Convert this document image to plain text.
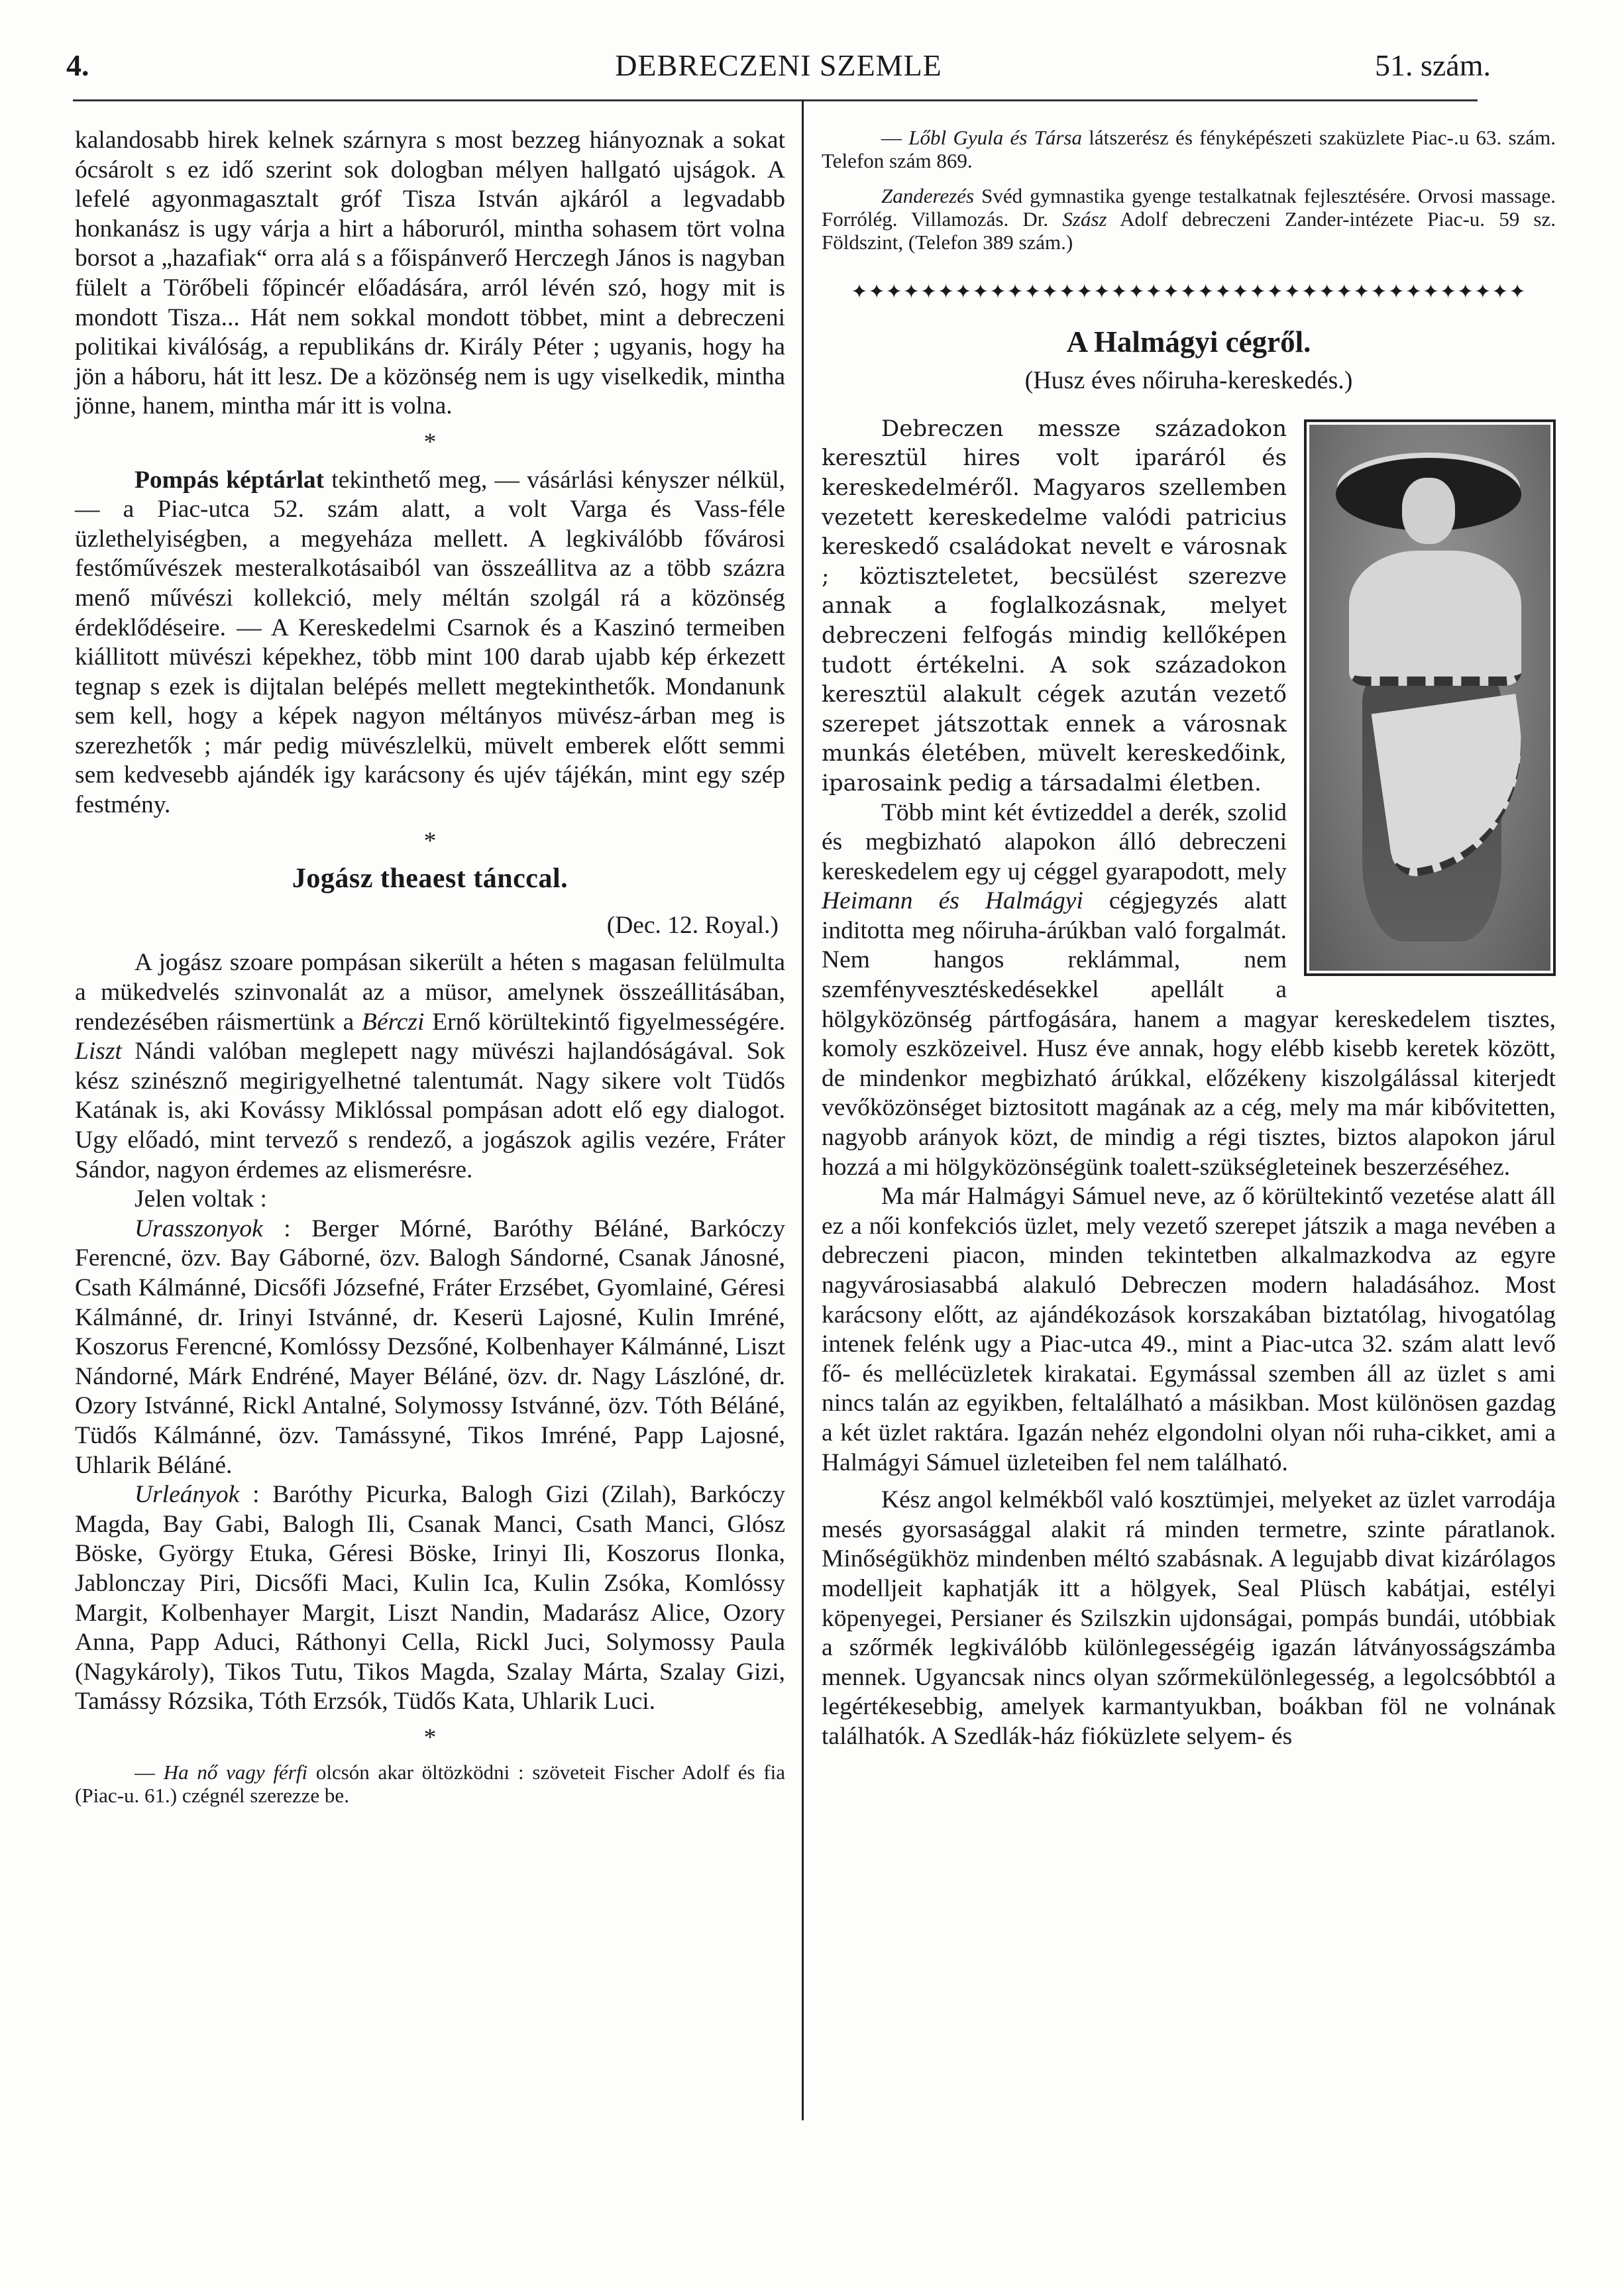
4.	DEBRECZENI SZEMLE	51. szám.

kalandosabb hirek kelnek szárnyra s most bezzeg hiányoznak a sokat ócsárolt s ez idő szerint sok dologban mélyen hallgató ujságok. A lefelé agyonmagasztalt gróf Tisza István ajkáról a legvadabb honkanász is ugy várja a hirt a háboruról, mintha sohasem tört volna borsot a „hazafiak“ orra alá s a főispánverő Herczegh János is nagyban fülelt a Törőbeli főpincér előadására, arról lévén szó, hogy mit is mondott Tisza... Hát nem sokkal mondott többet, mint a debreczeni politikai kiválóság, a republikáns dr. Király Péter ; ugyanis, hogy ha jön a háboru, hát itt lesz. De a közönség nem is ugy viselkedik, mintha jönne, hanem, mintha már itt is volna.

*

Pompás képtárlat tekinthető meg, — vásárlási kényszer nélkül, — a Piac-utca 52. szám alatt, a volt Varga és Vass-féle üzlethelyiségben, a megyeháza mellett. A legkiválóbb fővárosi festőművészek mesteralkotásaiból van összeállitva az a több százra menő művészi kollekció, mely méltán szolgál rá a közönség érdeklődéseire. — A Kereskedelmi Csarnok és a Kaszinó termeiben kiállitott müvészi képekhez, több mint 100 darab ujabb kép érkezett tegnap s ezek is dijtalan belépés mellett megtekinthetők. Mondanunk sem kell, hogy a képek nagyon méltányos müvész-árban meg is szerezhetők ; már pedig müvészlelkü, müvelt emberek előtt semmi sem kedvesebb ajándék igy karácsony és ujév tájékán, mint egy szép festmény.

*

Jogász theaest tánccal.

(Dec. 12. Royal.)

A jogász szoare pompásan sikerült a héten s magasan felülmulta a mükedvelés szinvonalát az a müsor, amelynek összeállitásában, rendezésében ráismertünk a Bérczi Ernő körültekintő figyelmességére. Liszt Nándi valóban meglepett nagy müvészi hajlandóságával. Sok kész szinésznő megirigyelhetné talentumát. Nagy sikere volt Tüdős Katának is, aki Kovássy Miklóssal pompásan adott elő egy dialogot. Ugy előadó, mint tervező s rendező, a jogászok agilis vezére, Fráter Sándor, nagyon érdemes az elismerésre.

Jelen voltak :

Urasszonyok : Berger Mórné, Baróthy Béláné, Barkóczy Ferencné, özv. Bay Gáborné, özv. Balogh Sándorné, Csanak Jánosné, Csath Kálmánné, Dicsőfi Józsefné, Fráter Erzsébet, Gyomlainé, Géresi Kálmánné, dr. Irinyi Istvánné, dr. Keserü Lajosné, Kulin Imréné, Koszorus Ferencné, Komlóssy Dezsőné, Kolbenhayer Kálmánné, Liszt Nándorné, Márk Endréné, Mayer Béláné, özv. dr. Nagy Lászlóné, dr. Ozory Istvánné, Rickl Antalné, Solymossy Istvánné, özv. Tóth Béláné, Tüdős Kálmánné, özv. Tamássyné, Tikos Imréné, Papp Lajosné, Uhlarik Béláné.

Urleányok : Baróthy Picurka, Balogh Gizi (Zilah), Barkóczy Magda, Bay Gabi, Balogh Ili, Csanak Manci, Csath Manci, Glósz Böske, György Etuka, Géresi Böske, Irinyi Ili, Koszorus Ilonka, Jablonczay Piri, Dicsőfi Maci, Kulin Ica, Kulin Zsóka, Komlóssy Margit, Kolbenhayer Margit, Liszt Nandin, Madarász Alice, Ozory Anna, Papp Aduci, Ráthonyi Cella, Rickl Juci, Solymossy Paula (Nagykároly), Tikos Tutu, Tikos Magda, Szalay Márta, Szalay Gizi, Tamássy Rózsika, Tóth Erzsók, Tüdős Kata, Uhlarik Luci.

*

— Ha nő vagy férfi olcsón akar öltözködni : szöveteit Fischer Adolf és fia (Piac-u. 61.) czégnél szerezze be.

— Lőbl Gyula és Társa látszerész és fényképészeti szaküzlete Piac-.u 63. szám. Telefon szám 869.

Zanderezés Svéd gymnastika gyenge testalkatnak fejlesztésére. Orvosi massage. Forrólég. Villamozás. Dr. Szász Adolf debreczeni Zander-intézete Piac-u. 59 sz. Földszint, (Telefon 389 szám.)

✦✦✦✦✦✦✦✦✦✦✦✦✦✦✦✦✦✦✦✦✦✦✦✦✦✦✦✦✦✦✦✦✦✦✦✦✦✦✦

A Halmágyi cégről.

(Husz éves nőiruha-kereskedés.)

Debreczen messze századokon keresztül hires volt iparáról és kereskedelméről. Magyaros szellemben vezetett kereskedelme valódi patricius kereskedő családokat nevelt e városnak ; köztiszteletet, becsülést szerezve annak a foglalkozásnak, melyet debreczeni felfogás mindig kellőképen tudott értékelni. A sok századokon keresztül alakult cégek azután vezető szerepet játszottak ennek a városnak munkás életében, müvelt kereskedőink, iparosaink pedig a társadalmi életben.

Több mint két évtizeddel a derék, szolid és megbizható alapokon álló debreczeni kereskedelem egy uj céggel gyarapodott, mely Heimann és Halmágyi cégjegyzés alatt inditotta meg nőiruha-árúkban való forgalmát. Nem hangos reklámmal, nem szemfényvesztéskedésekkel apellált a hölgyközönség pártfogására, hanem a magyar kereskedelem tisztes, komoly eszközeivel. Husz éve annak, hogy elébb kisebb keretek között, de mindenkor megbizható árúkkal, előzékeny kiszolgálással kiterjedt vevőközönséget biztositott magának az a cég, mely ma már kibővitetten, nagyobb arányok közt, de mindig a régi tisztes, biztos alapokon járul hozzá a mi hölgyközönségünk toalett-szükségleteinek beszerzéséhez.

Ma már Halmágyi Sámuel neve, az ő körültekintő vezetése alatt áll ez a női konfekciós üzlet, mely vezető szerepet játszik a maga nevében a debreczeni piacon, minden tekintetben alkalmazkodva az egyre nagyvárosiasabbá alakuló Debreczen modern haladásához. Most karácsony előtt, az ajándékozások korszakában biztatólag, hivogatólag intenek felénk ugy a Piac-utca 49., mint a Piac-utca 32. szám alatt levő fő- és mellécüzletek kirakatai. Egymással szemben áll az üzlet s ami nincs talán az egyikben, feltalálható a másikban. Most különösen gazdag a két üzlet raktára. Igazán nehéz elgondolni olyan női ruha-cikket, ami a Halmágyi Sámuel üzleteiben fel nem található.

Kész angol kelmékből való kosztümjei, melyeket az üzlet varrodája mesés gyorsasággal alakit rá minden termetre, szinte páratlanok. Minőségükhöz mindenben méltó szabásnak. A legujabb divat kizárólagos modelljeit kaphatják itt a hölgyek, Seal Plüsch kabátjai, estélyi köpenyegei, Persianer és Szilszkin ujdonságai, pompás bundái, utóbbiak a szőrmék legkiválóbb különlegességéig igazán látványosságszámba mennek. Ugyancsak nincs olyan szőrmekülönlegesség, a legolcsóbbtól a legértékesebbig, amelyek karmantyukban, boákban föl ne volnának találhatók. A Szedlák-ház fióküzlete selyem- és
